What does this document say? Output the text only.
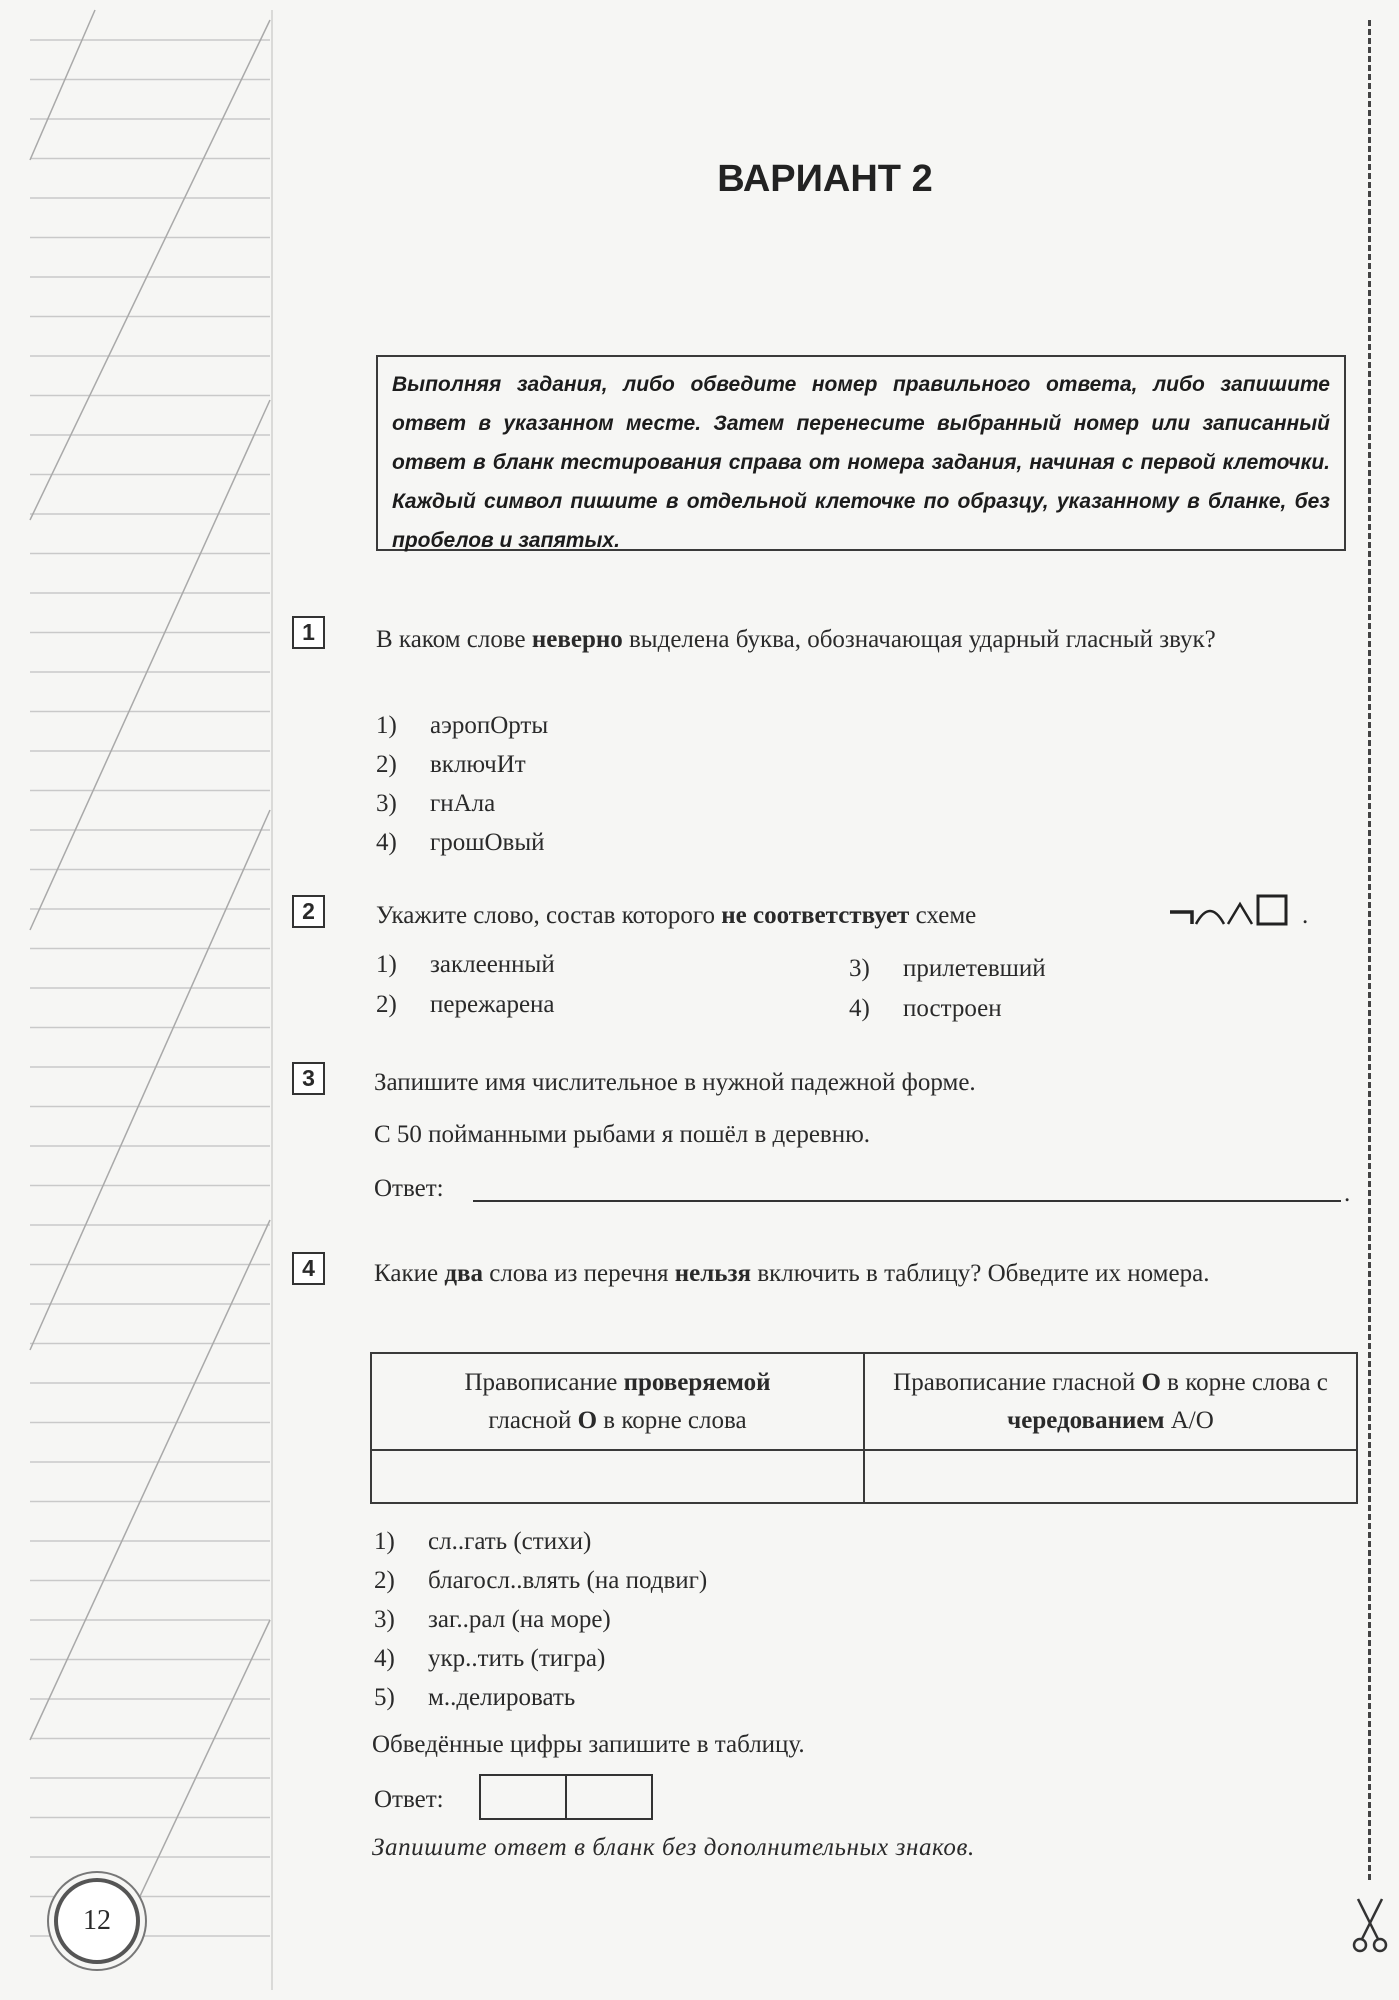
ВАРИАНТ 2
Выполняя задания, либо обведите номер правильного ответа, либо запишите ответ в указанном месте. Затем перенесите выбранный номер или записанный ответ в бланк тестирования справа от номера задания, начиная с первой клеточки. Каждый символ пишите в отдельной клеточке по образцу, указанному в бланке, без пробелов и запятых.
1	В каком слове неверно выделена буква, обозначающая ударный гласный звук?
1) аэропОрты
2) включИт
3) гнАла
4) грошОвый
2	Укажите слово, состав которого не соответствует схеме	.
1) заклеенный
2) пережарена
3) прилетевший
4) построен
3	Запишите имя числительное в нужной падежной форме.
С 50 пойманными рыбами я пошёл в деревню.
Ответ:	.
4	Какие два слова из перечня нельзя включить в таблицу? Обведите их номера.
Правописание проверяемой
гласной О в корне слова	Правописание гласной О в корне слова с чередованием А/О

1) сл..гать (стихи)
2) благосл..влять (на подвиг)
3) заг..рал (на море)
4) укр..тить (тигра)
5) м..делировать
Обведённые цифры запишите в таблицу.
Ответ:
Запишите ответ в бланк без дополнительных знаков.
12
